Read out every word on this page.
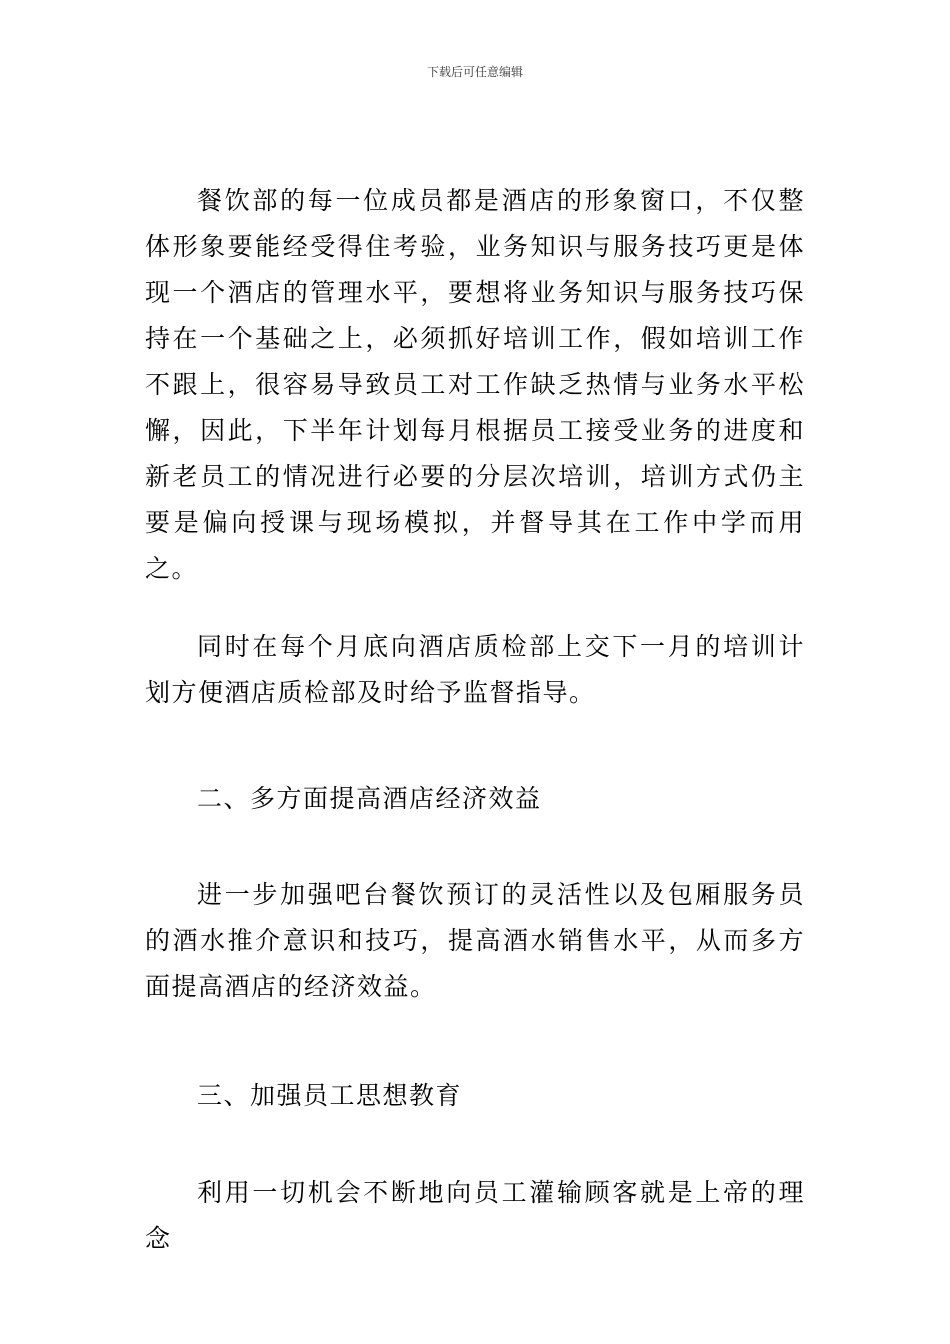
下载后可任意编辑

餐饮部的每一位成员都是酒店的形象窗口，不仅整体形象要能经受得住考验，业务知识与服务技巧更是体现一个酒店的管理水平，要想将业务知识与服务技巧保持在一个基础之上，必须抓好培训工作，假如培训工作不跟上，很容易导致员工对工作缺乏热情与业务水平松懈，因此，下半年计划每月根据员工接受业务的进度和新老员工的情况进行必要的分层次培训，培训方式仍主要是偏向授课与现场模拟，并督导其在工作中学而用之。

同时在每个月底向酒店质检部上交下一月的培训计划方便酒店质检部及时给予监督指导。

二、多方面提高酒店经济效益

进一步加强吧台餐饮预订的灵活性以及包厢服务员的酒水推介意识和技巧，提高酒水销售水平，从而多方面提高酒店的经济效益。

三、加强员工思想教育

利用一切机会不断地向员工灌输顾客就是上帝的理念
